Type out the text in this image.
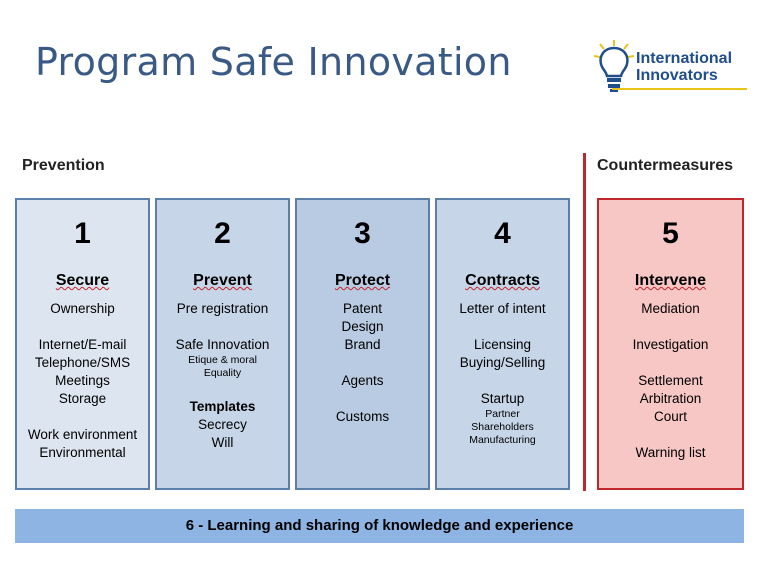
Program Safe Innovation	International
Innovators
Prevention	Countermeasures
1
Secure
Ownership
Internet/E-mail
Telephone/SMS
Meetings
Storage
Work environment
Environmental
2
Prevent
Pre registration
Safe Innovation
Etique & moral
Equality
Templates
Secrecy
Will
3
Protect
Patent
Design
Brand
Agents
Customs
4
Contracts
Letter of intent
Licensing
Buying/Selling
Startup
Partner
Shareholders
Manufacturing
5
Intervene
Mediation
Investigation
Settlement
Arbitration
Court
Warning list
6 - Learning and sharing of knowledge and experience
